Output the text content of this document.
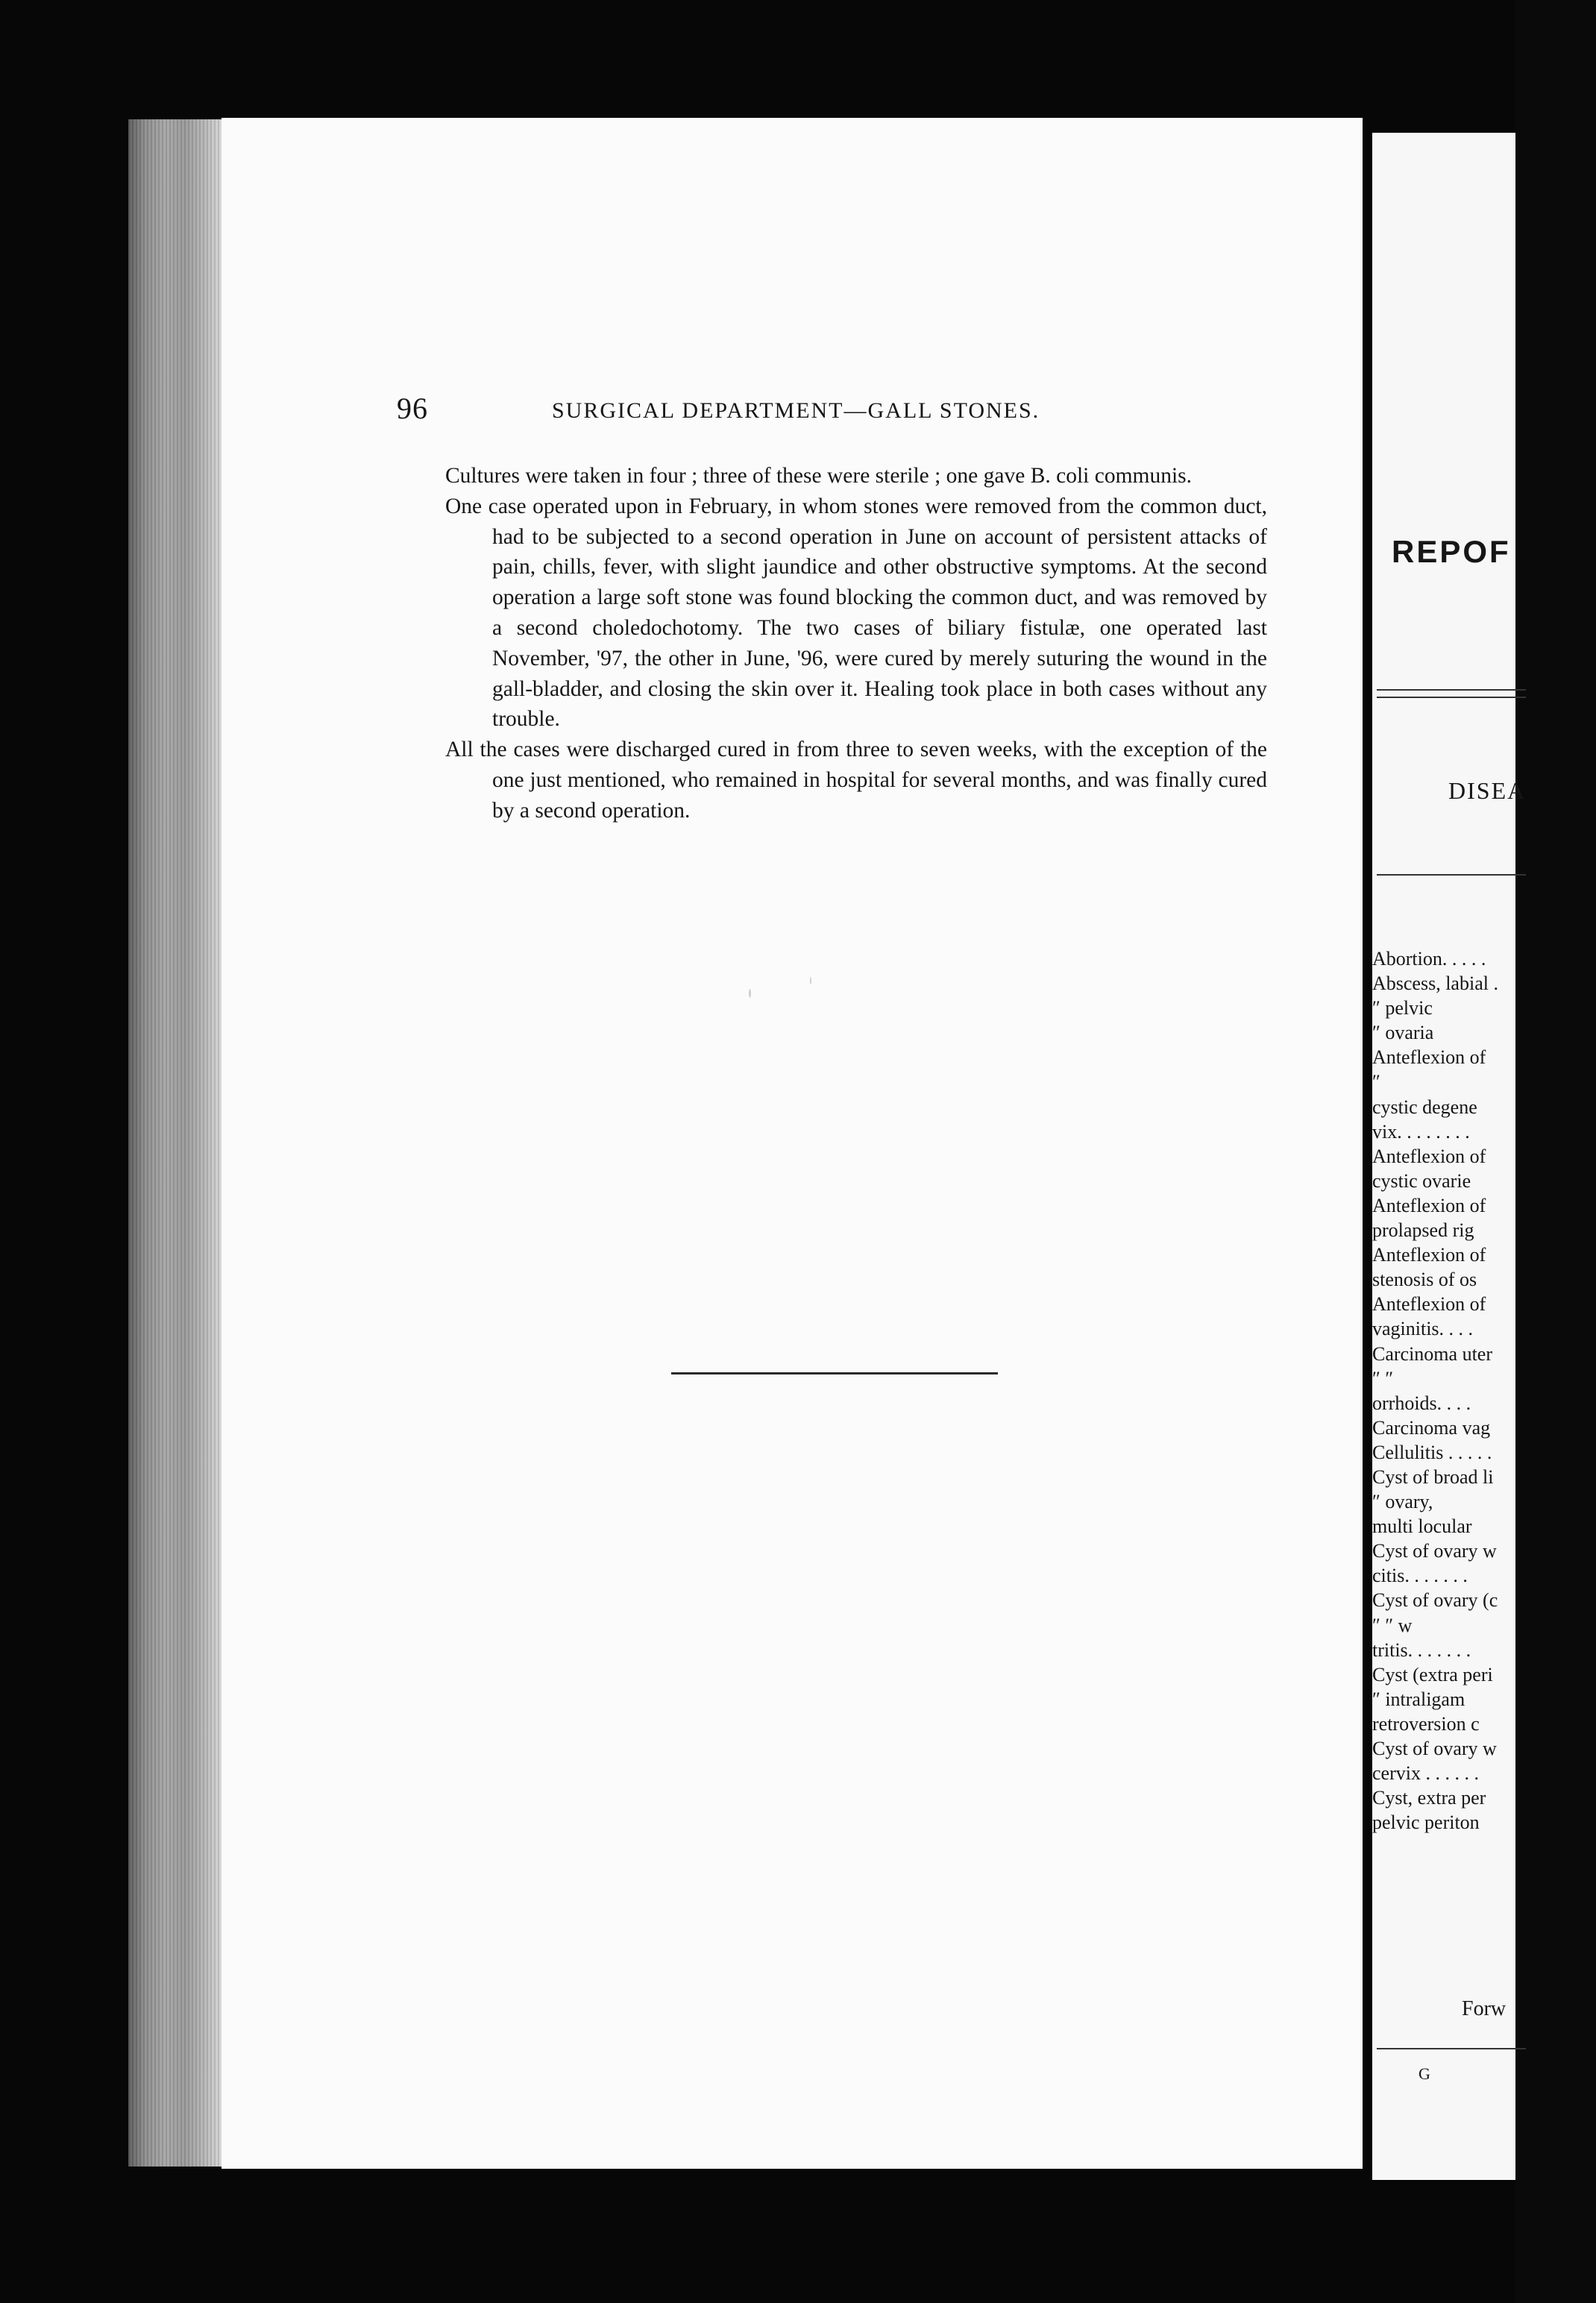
96	SURGICAL DEPARTMENT—GALL STONES.

Cultures were taken in four ; three of these were sterile ; one gave B. coli communis.

One case operated upon in February, in whom stones were removed from the common duct, had to be subjected to a second operation in June on account of persistent attacks of pain, chills, fever, with slight jaundice and other obstructive symptoms. At the second operation a large soft stone was found blocking the common duct, and was removed by a second choledochotomy. The two cases of biliary fistulæ, one operated last November, '97, the other in June, '96, were cured by merely suturing the wound in the gall-bladder, and closing the skin over it. Healing took place in both cases without any trouble.

All the cases were discharged cured in from three to seven weeks, with the exception of the one just mentioned, who remained in hospital for several months, and was finally cured by a second operation.

REPOF
DISEA
Abortion. . . . .
Abscess, labial .
″ pelvic
″ ovaria
Anteflexion of
″
cystic degene
vix. . . . . . . .
Anteflexion of
cystic ovarie
Anteflexion of
prolapsed rig
Anteflexion of
stenosis of os
Anteflexion of
vaginitis. . . .
Carcinoma uter
″ ″
orrhoids. . . .
Carcinoma vag
Cellulitis . . . . .
Cyst of broad li
″ ovary,
multi locular
Cyst of ovary w
citis. . . . . . .
Cyst of ovary (c
″ ″ w
tritis. . . . . . .
Cyst (extra peri
″ intraligam
retroversion c
Cyst of ovary w
cervix . . . . . .
Cyst, extra per
pelvic periton
Forw
G
